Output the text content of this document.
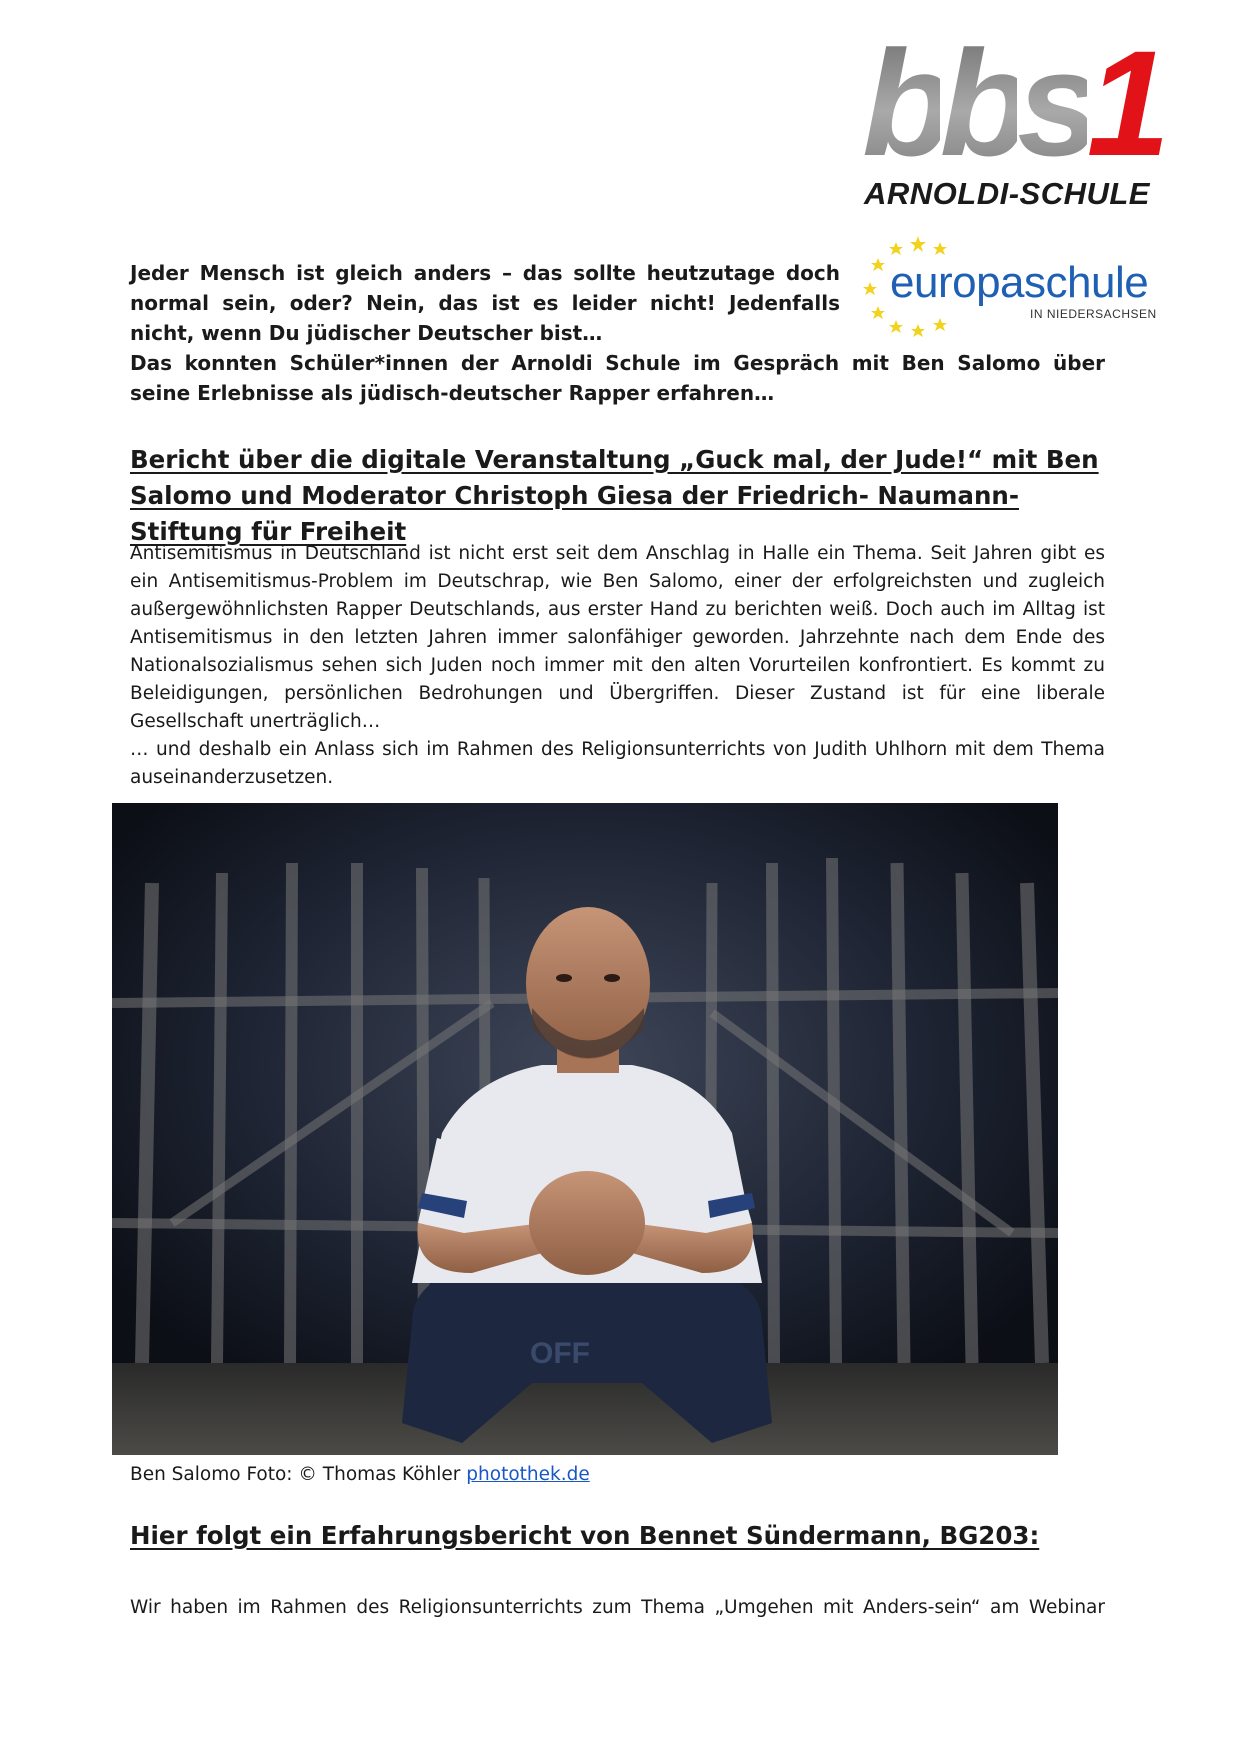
bbs1
ARNOLDI-SCHULE
europaschule
IN NIEDERSACHSEN
Jeder Mensch ist gleich anders – das sollte heutzutage doch normal sein, oder? Nein, das ist es leider nicht! Jedenfalls nicht, wenn Du jüdischer Deutscher bist…
Das konnten Schüler*innen der Arnoldi Schule im Gespräch mit Ben Salomo über seine Erlebnisse als jüdisch-deutscher Rapper erfahren…
Bericht über die digitale Veranstaltung „Guck mal, der Jude!“ mit Ben Salomo und Moderator Christoph Giesa der Friedrich- Naumann-Stiftung für Freiheit

Antisemitismus in Deutschland ist nicht erst seit dem Anschlag in Halle ein Thema. Seit Jahren gibt es ein Antisemitismus-Problem im Deutschrap, wie Ben Salomo, einer der erfolgreichsten und zugleich außergewöhnlichsten Rapper Deutschlands, aus erster Hand zu berichten weiß. Doch auch im Alltag ist Antisemitismus in den letzten Jahren immer salonfähiger geworden. Jahrzehnte nach dem Ende des Nationalsozialismus sehen sich Juden noch immer mit den alten Vorurteilen konfrontiert. Es kommt zu Beleidigungen, persönlichen Bedrohungen und Übergriffen. Dieser Zustand ist für eine liberale Gesellschaft unerträglich…

… und deshalb ein Anlass sich im Rahmen des Religionsunterrichts von Judith Uhlhorn mit dem Thema auseinanderzusetzen.

OFF
Ben Salomo Foto: © Thomas Köhler photothek.de
Hier folgt ein Erfahrungsbericht von Bennet Sündermann, BG203:
Wir haben im Rahmen des Religionsunterrichts zum Thema „Umgehen mit Anders-sein“ am Webinar
